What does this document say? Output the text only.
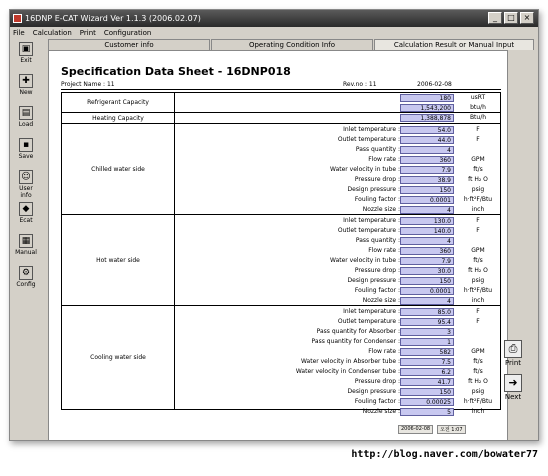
16DNP E-CAT Wizard Ver 1.1.3 (2006.02.07)	_	□	×
File Calculation Print Configuration
▣
Exit
✚
New
▤
Load
▪
Save
☺
User info
◆
Ecat
▦
Manual
⚙
Config
Customer info	Operating Condition Info	Calculation Result or Manual Input
Specification Data Sheet - 16DNP018
Project Name : 11	Rev.no : 11	2006-02-08
Refrigerant Capacity
180	usRT
1,543,200	btu/h
Heating Capacity	1,388,878	Btu/h
Chilled water side
Inlet temperature :	54.0	F
Outlet temperature :	44.0	F
Pass quantity :	4
Flow rate :	360	GPM
Water velocity in tube :	7.9	ft/s
Pressure drop :	38.9	ft H₂ O
Design pressure :	150	psig
Fouling factor :	0.0001	h·ft²F/Btu
Nozzle size :	4	inch
Hot water side
Inlet temperature :	130.0	F
Outlet temperature :	140.0	F
Pass quantity :	4
Flow rate :	360	GPM
Water velocity in tube :	7.9	ft/s
Pressure drop :	30.0	ft H₂ O
Design pressure :	150	psig
Fouling factor :	0.0001	h·ft²F/Btu
Nozzle size :	4	inch
Cooling water side
Inlet temperature :	85.0	F
Outlet temperature :	95.4	F
Pass quantity for Absorber :	3
Pass quantity for Condenser :	1
Flow rate :	582	GPM
Water velocity in Absorber tube :	7.5	ft/s
Water velocity in Condenser tube :	6.2	ft/s
Pressure drop :	41.7	ft H₂ O
Design pressure :	150	psig
Fouling factor :	0.00025	h·ft²F/Btu
Nozzle size :	5	inch
⎙
Print
➜
Next
2006-02-08	오전 1:07
http://blog.naver.com/bowater77
